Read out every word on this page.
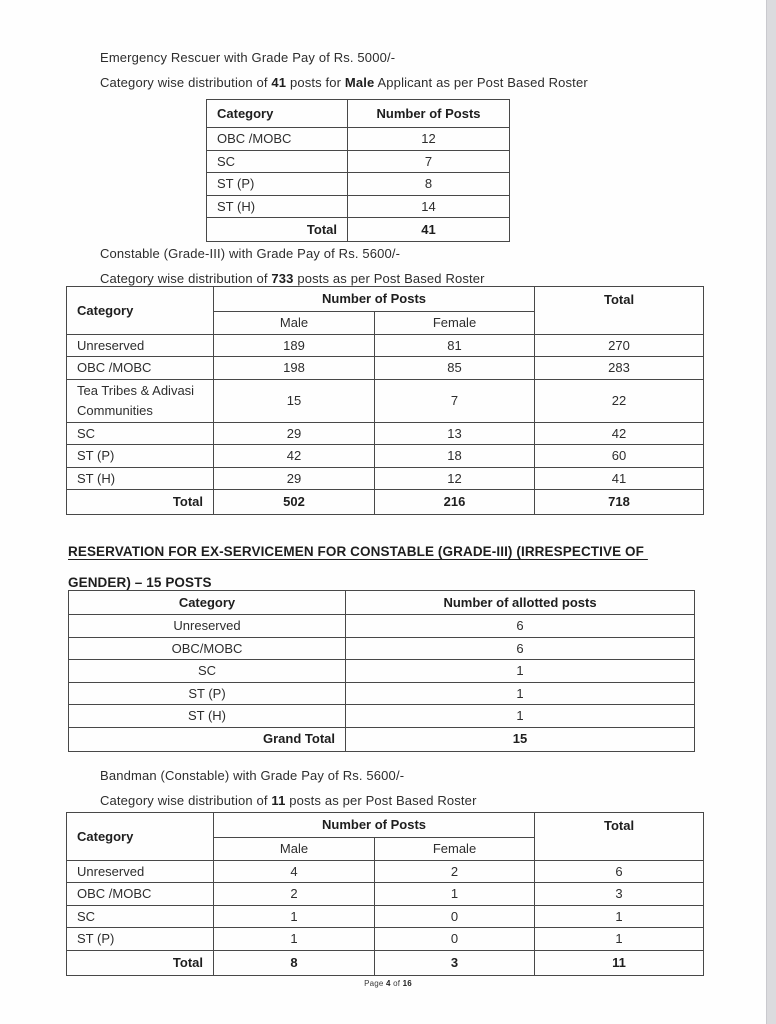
Emergency Rescuer with Grade Pay of Rs. 5000/-
Category wise distribution of 41 posts for Male Applicant as per Post Based Roster
Category	Number of Posts
OBC /MOBC	12
SC	7
ST (P)	8
ST (H)	14
Total	41
Constable (Grade-III) with Grade Pay of Rs. 5600/-
Category wise distribution of 733 posts as per Post Based Roster
Category	Number of Posts		Total
	Male	Female	
Unreserved	189	81	270
OBC /MOBC	198	85	283
Tea Tribes & Adivasi Communities	15	7	22
SC	29	13	42
ST (P)	42	18	60
ST (H)	29	12	41
Total	502	216	718
RESERVATION FOR EX-SERVICEMEN FOR CONSTABLE (GRADE-III) (IRRESPECTIVE OF GENDER) – 15 POSTS
Category	Number of allotted posts
Unreserved	6
OBC/MOBC	6
SC	1
ST (P)	1
ST (H)	1
Grand Total	15
Bandman (Constable) with Grade Pay of Rs. 5600/-
Category wise distribution of 11 posts as per Post Based Roster
Category	Number of Posts		Total
	Male	Female	
Unreserved	4	2	6
OBC /MOBC	2	1	3
SC	1	0	1
ST (P)	1	0	1
Total	8	3	11
Page 4 of 16
